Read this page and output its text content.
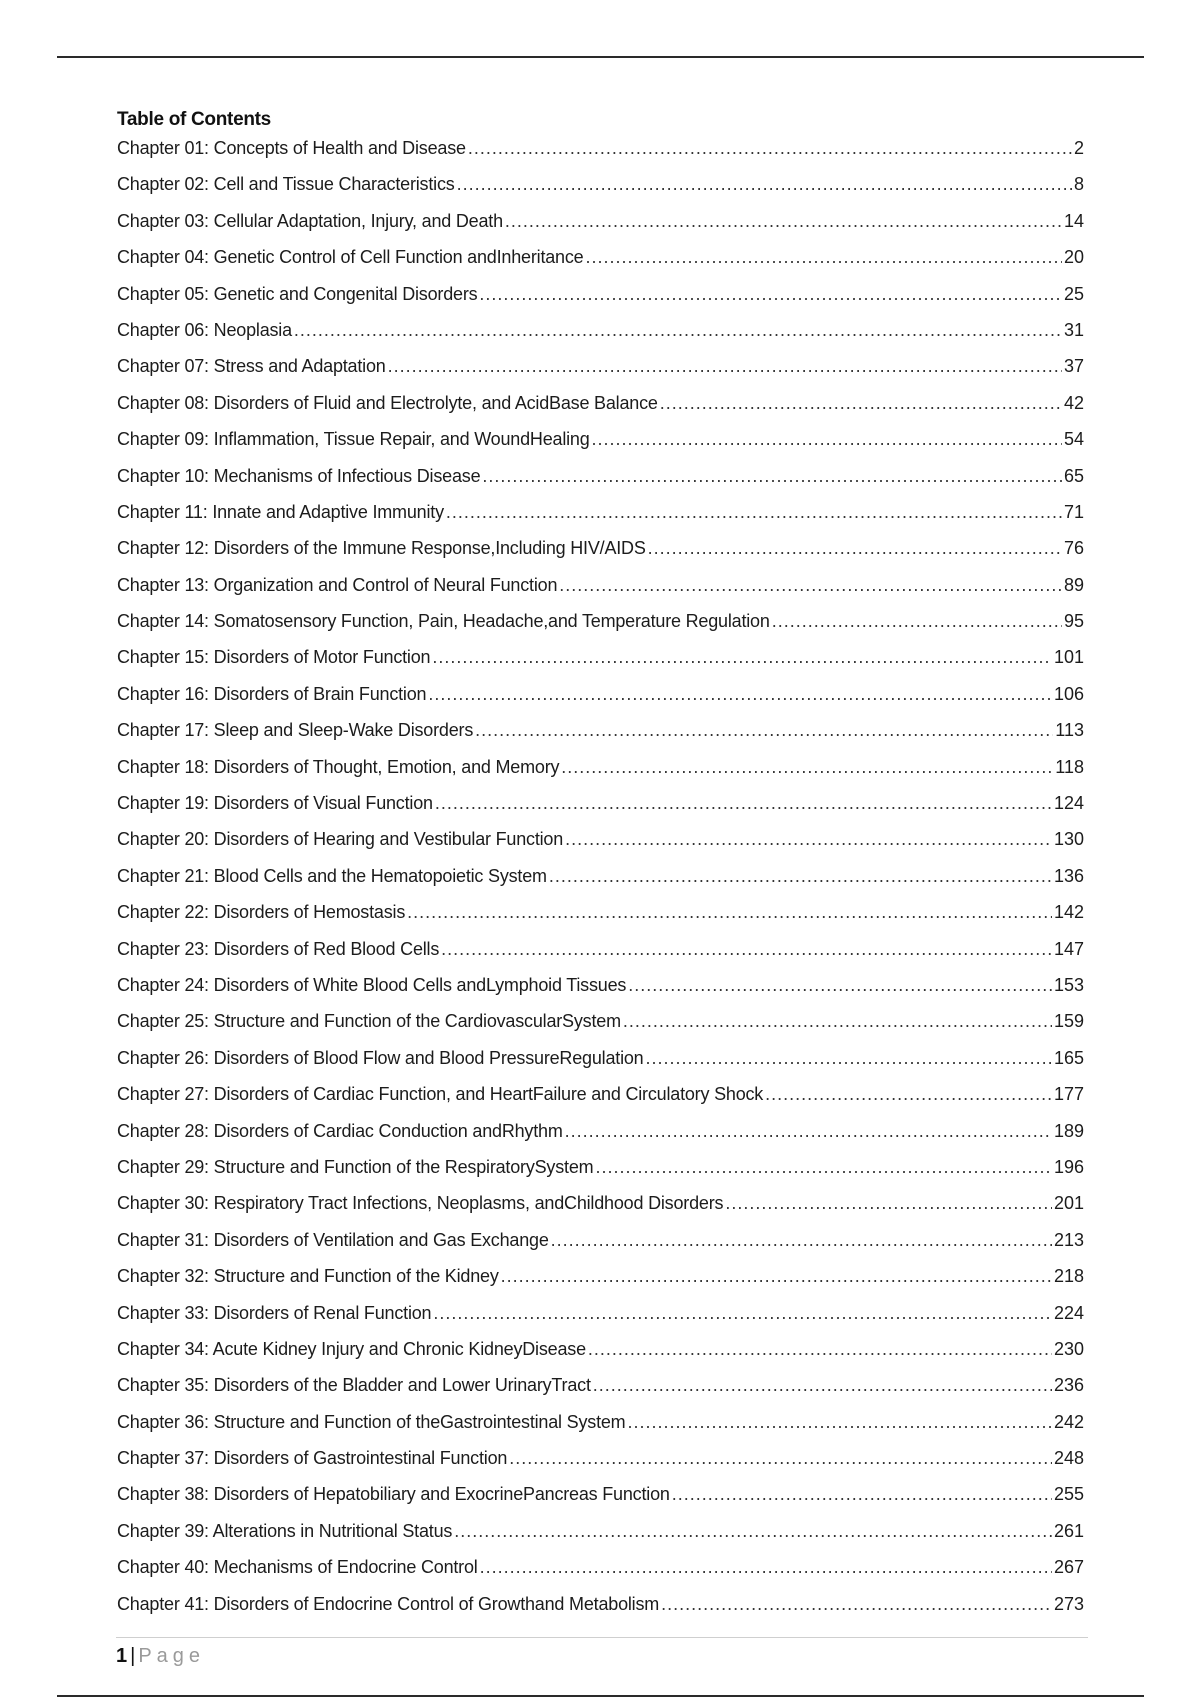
Table of Contents
Chapter 01: Concepts of Health and Disease .....	2
Chapter 02: Cell and Tissue Characteristics .....	8
Chapter 03: Cellular Adaptation, Injury, and Death .....	14
Chapter 04: Genetic Control of Cell Function andInheritance .....	20
Chapter 05: Genetic and Congenital Disorders .....	25
Chapter 06: Neoplasia .....	31
Chapter 07: Stress and Adaptation .....	37
Chapter 08: Disorders of Fluid and Electrolyte, and AcidBase Balance .....	42
Chapter 09: Inflammation, Tissue Repair, and WoundHealing .....	54
Chapter 10: Mechanisms of Infectious Disease .....	65
Chapter 11: Innate and Adaptive Immunity .....	71
Chapter 12: Disorders of the Immune Response,Including HIV/AIDS .....	76
Chapter 13: Organization and Control of Neural Function .....	89
Chapter 14: Somatosensory Function, Pain, Headache,and Temperature Regulation .....	95
Chapter 15: Disorders of Motor Function .....	101
Chapter 16: Disorders of Brain Function .....	106
Chapter 17: Sleep and Sleep-Wake Disorders .....	113
Chapter 18: Disorders of Thought, Emotion, and Memory .....	118
Chapter 19: Disorders of Visual Function .....	124
Chapter 20: Disorders of Hearing and Vestibular Function .....	130
Chapter 21: Blood Cells and the Hematopoietic System .....	136
Chapter 22: Disorders of Hemostasis .....	142
Chapter 23: Disorders of Red Blood Cells .....	147
Chapter 24: Disorders of White Blood Cells andLymphoid Tissues .....	153
Chapter 25: Structure and Function of the CardiovascularSystem .....	159
Chapter 26: Disorders of Blood Flow and Blood PressureRegulation .....	165
Chapter 27: Disorders of Cardiac Function, and HeartFailure and Circulatory Shock .....	177
Chapter 28: Disorders of Cardiac Conduction andRhythm .....	189
Chapter 29: Structure and Function of the RespiratorySystem .....	196
Chapter 30: Respiratory Tract Infections, Neoplasms, andChildhood Disorders .....	201
Chapter 31: Disorders of Ventilation and Gas Exchange .....	213
Chapter 32: Structure and Function of the Kidney .....	218
Chapter 33: Disorders of Renal Function .....	224
Chapter 34: Acute Kidney Injury and Chronic KidneyDisease .....	230
Chapter 35: Disorders of the Bladder and Lower UrinaryTract .....	236
Chapter 36: Structure and Function of theGastrointestinal System .....	242
Chapter 37: Disorders of Gastrointestinal Function .....	248
Chapter 38: Disorders of Hepatobiliary and ExocrinePancreas Function .....	255
Chapter 39: Alterations in Nutritional Status .....	261
Chapter 40: Mechanisms of Endocrine Control .....	267
Chapter 41: Disorders of Endocrine Control of Growthand Metabolism .....	273
1 | Page
